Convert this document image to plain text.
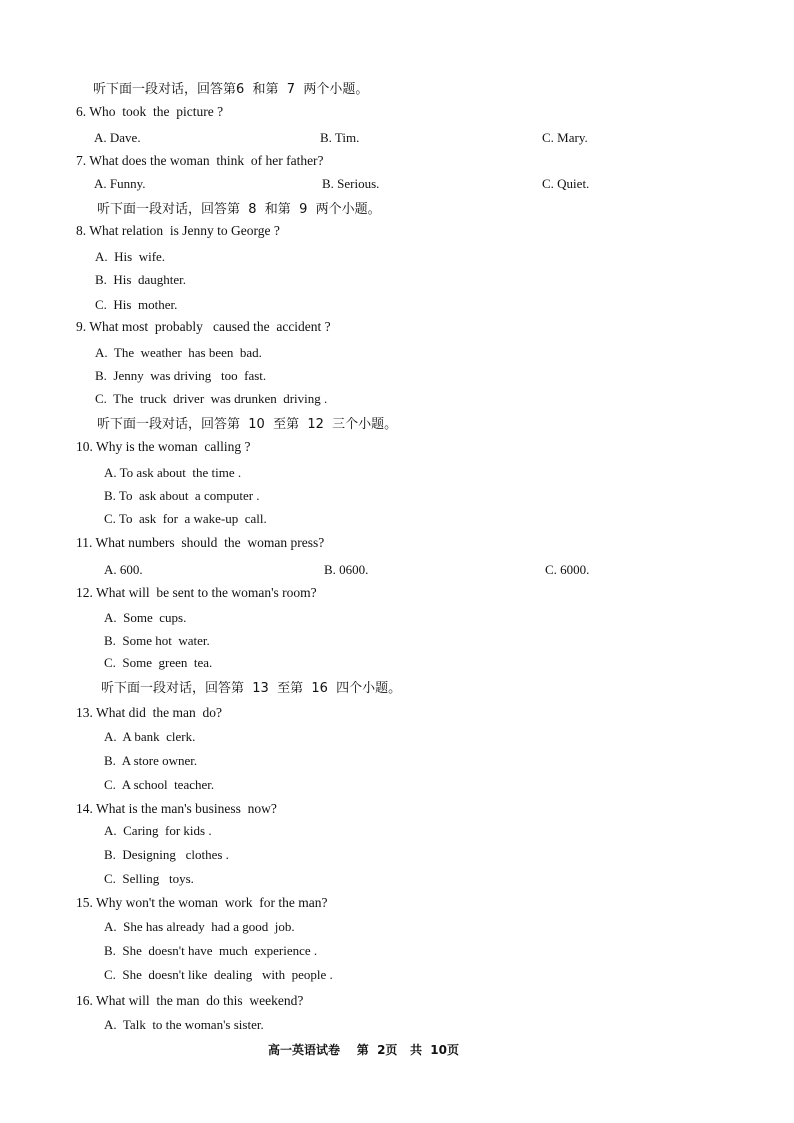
听下面一段对话，回答第6  和第  7  两个小题。
6. Who  took  the  picture ?
A. Dave.	B. Tim.	C. Mary.
7. What does the woman  think  of her father?
A. Funny.	B. Serious.	C. Quiet.
听下面一段对话，回答第  8  和第  9  两个小题。
8. What relation  is Jenny to George ?
A.  His  wife.
B.  His  daughter.
C.  His  mother.
9. What most  probably   caused the  accident ?
A.  The  weather  has been  bad.
B.  Jenny  was driving   too  fast.
C.  The  truck  driver  was drunken  driving .
听下面一段对话，回答第  10  至第  12  三个小题。
10. Why is the woman  calling ?
A. To ask about  the time .
B. To  ask about  a computer .
C. To  ask  for  a wake-up  call.
11. What numbers  should  the  woman press?
A. 600.	B. 0600.	C. 6000.
12. What will  be sent to the woman's room?
A.  Some  cups.
B.  Some hot  water.
C.  Some  green  tea.
听下面一段对话，回答第  13  至第  16  四个小题。
13. What did  the man  do?
A.  A bank  clerk.
B.  A store owner.
C.  A school  teacher.
14. What is the man's business  now?
A.  Caring  for kids .
B.  Designing   clothes .
C.  Selling   toys.
15. Why won't the woman  work  for the man?
A.  She has already  had a good  job.
B.  She  doesn't have  much  experience .
C.  She  doesn't like  dealing   with  people .
16. What will  the man  do this  weekend?
A.  Talk  to the woman's sister.
高一英语试卷    第  2页   共  10页
